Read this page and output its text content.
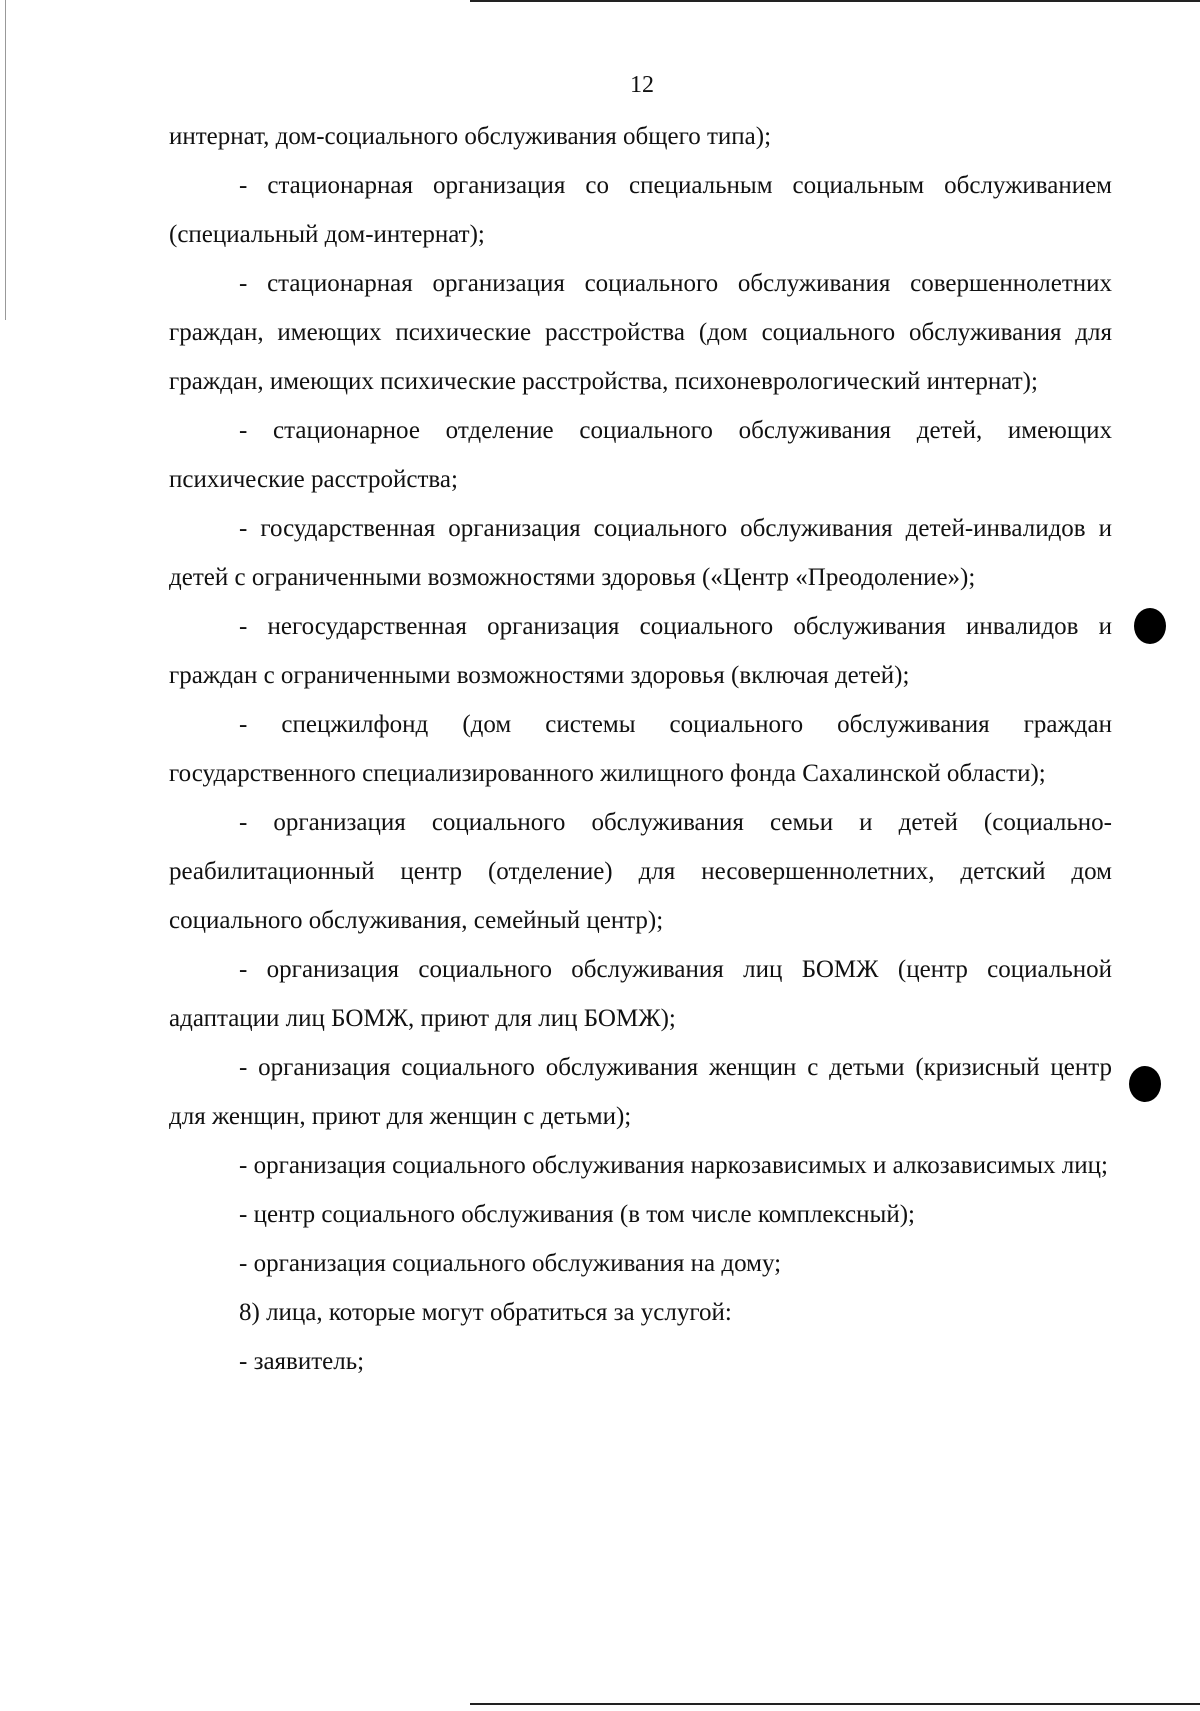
12

интернат, дом-социального обслуживания общего типа);

- стационарная организация со специальным социальным обслуживанием (специальный дом-интернат);

- стационарная организация социального обслуживания совершеннолетних граждан, имеющих психические расстройства (дом социального обслуживания для граждан, имеющих психические расстройства, психоневрологический интернат);

- стационарное отделение социального обслуживания детей, имеющих психические расстройства;

- государственная организация социального обслуживания детей-инвалидов и детей с ограниченными возможностями здоровья («Центр «Преодоление»);

- негосударственная организация социального обслуживания инвалидов и граждан с ограниченными возможностями здоровья (включая детей);

- спецжилфонд (дом системы социального обслуживания граждан государственного специализированного жилищного фонда Сахалинской области);

- организация социального обслуживания семьи и детей (социально-реабилитационный центр (отделение) для несовершеннолетних, детский дом социального обслуживания, семейный центр);

- организация социального обслуживания лиц БОМЖ (центр социальной адаптации лиц БОМЖ, приют для лиц БОМЖ);

- организация социального обслуживания женщин с детьми (кризисный центр для женщин, приют для женщин с детьми);

- организация социального обслуживания наркозависимых и алкозависимых лиц;

- центр социального обслуживания (в том числе комплексный);

- организация социального обслуживания на дому;

8) лица, которые могут обратиться за услугой:

- заявитель;
